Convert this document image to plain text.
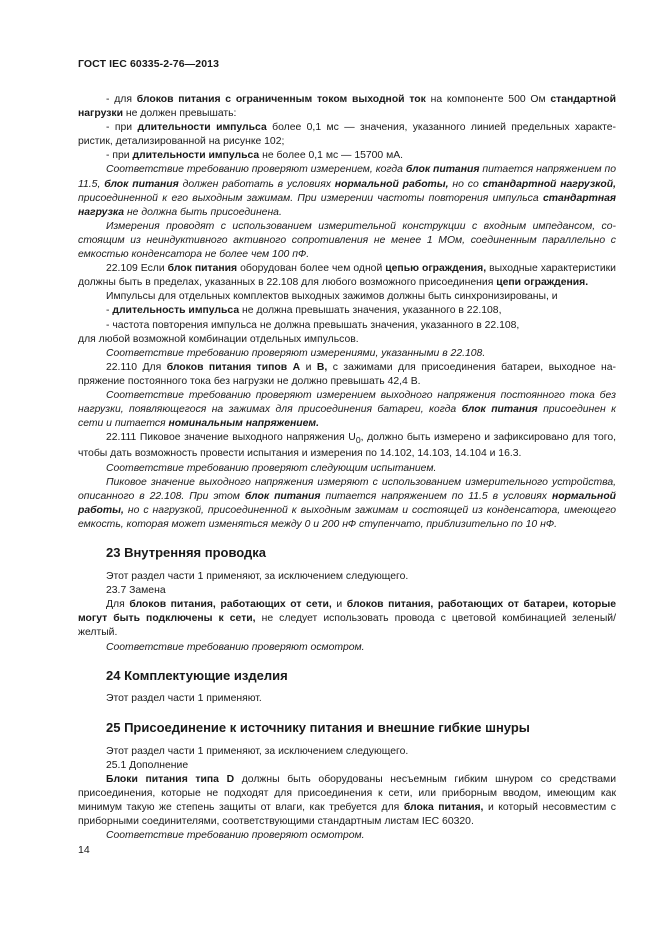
ГОСТ IEC 60335-2-76—2013

- для блоков питания с ограниченным током выходной ток на компоненте 500 Ом стандартной нагрузки не должен превышать:

- при длительности импульса более 0,1 мс — значения, указанного линией предельных характеристик, детализированной на рисунке 102;

- при длительности импульса не более 0,1 мс — 15700 мА.

Соответствие требованию проверяют измерением, когда блок питания питается напряжением по 11.5, блок питания должен работать в условиях нормальной работы, но со стандартной нагрузкой, присоединенной к его выходным зажимам. При измерении частоты повторения импульса стандартная нагрузка не должна быть присоединена.

Измерения проводят с использованием измерительной конструкции с входным импедансом, состоящим из неиндуктивного активного сопротивления не менее 1 МОм, соединенным параллельно с емкостью конденсатора не более чем 100 пФ.

22.109 Если блок питания оборудован более чем одной цепью ограждения, выходные характеристики должны быть в пределах, указанных в 22.108 для любого возможного присоединения цепи ограждения.

Импульсы для отдельных комплектов выходных зажимов должны быть синхронизированы, и

- длительность импульса не должна превышать значения, указанного в 22.108,

- частота повторения импульса не должна превышать значения, указанного в 22.108,

для любой возможной комбинации отдельных импульсов.

Соответствие требованию проверяют измерениями, указанными в 22.108.

22.110 Для блоков питания типов А и В, с зажимами для присоединения батареи, выходное напряжение постоянного тока без нагрузки не должно превышать 42,4 В.

Соответствие требованию проверяют измерением выходного напряжения постоянного тока без нагрузки, появляющегося на зажимах для присоединения батареи, когда блок питания присоединен к сети и питается номинальным напряжением.

22.111 Пиковое значение выходного напряжения $U_0$, должно быть измерено и зафиксировано для того, чтобы дать возможность провести испытания и измерения по 14.102, 14.103, 14.104 и 16.3.

Соответствие требованию проверяют следующим испытанием.

Пиковое значение выходного напряжения измеряют с использованием измерительного устройства, описанного в 22.108. При этом блок питания питается напряжением по 11.5 в условиях нормальной работы, но с нагрузкой, присоединенной к выходным зажимам и состоящей из конденсатора, имеющего емкость, которая может изменяться между 0 и 200 нФ ступенчато, приблизительно по 10 нФ.

23 Внутренняя проводка

Этот раздел части 1 применяют, за исключением следующего.

23.7 Замена

Для блоков питания, работающих от сети, и блоков питания, работающих от батареи, которые могут быть подключены к сети, не следует использовать провода с цветовой комбинацией зеленый/желтый.

Соответствие требованию проверяют осмотром.

24 Комплектующие изделия

Этот раздел части 1 применяют.

25 Присоединение к источнику питания и внешние гибкие шнуры

Этот раздел части 1 применяют, за исключением следующего.

25.1 Дополнение

Блоки питания типа D должны быть оборудованы несъемным гибким шнуром со средствами присоединения, которые не подходят для присоединения к сети, или приборным вводом, имеющим как минимум такую же степень защиты от влаги, как требуется для блока питания, и который несовместим с приборными соединителями, соответствующими стандартным листам IEC 60320.

Соответствие требованию проверяют осмотром.

14
